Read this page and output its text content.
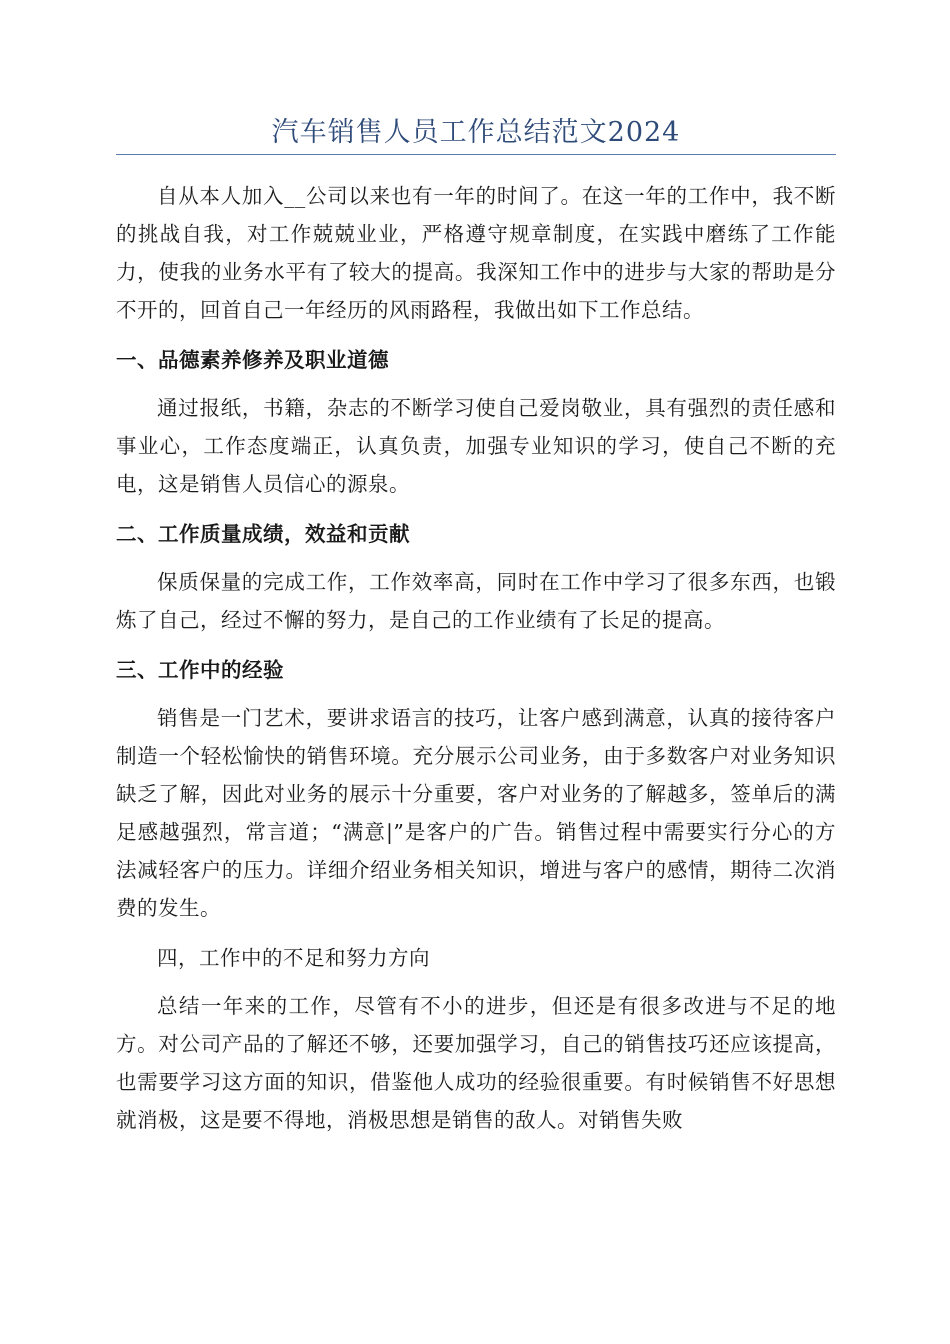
汽车销售人员工作总结范文2024

自从本人加入__公司以来也有一年的时间了。在这一年的工作中，我不断的挑战自我，对工作兢兢业业，严格遵守规章制度，在实践中磨练了工作能力，使我的业务水平有了较大的提高。我深知工作中的进步与大家的帮助是分不开的，回首自己一年经历的风雨路程，我做出如下工作总结。

一、品德素养修养及职业道德

通过报纸，书籍，杂志的不断学习使自己爱岗敬业，具有强烈的责任感和事业心，工作态度端正，认真负责，加强专业知识的学习，使自己不断的充电，这是销售人员信心的源泉。

二、工作质量成绩，效益和贡献

保质保量的完成工作，工作效率高，同时在工作中学习了很多东西，也锻炼了自己，经过不懈的努力，是自己的工作业绩有了长足的提高。

三、工作中的经验

销售是一门艺术，要讲求语言的技巧，让客户感到满意，认真的接待客户制造一个轻松愉快的销售环境。充分展示公司业务，由于多数客户对业务知识缺乏了解，因此对业务的展示十分重要，客户对业务的了解越多，签单后的满足感越强烈，常言道；“满意|”是客户的广告。销售过程中需要实行分心的方法减轻客户的压力。详细介绍业务相关知识，增进与客户的感情，期待二次消费的发生。

四，工作中的不足和努力方向

总结一年来的工作，尽管有不小的进步，但还是有很多改进与不足的地方。对公司产品的了解还不够，还要加强学习，自己的销售技巧还应该提高，也需要学习这方面的知识，借鉴他人成功的经验很重要。有时候销售不好思想就消极，这是要不得地，消极思想是销售的敌人。对销售失败
